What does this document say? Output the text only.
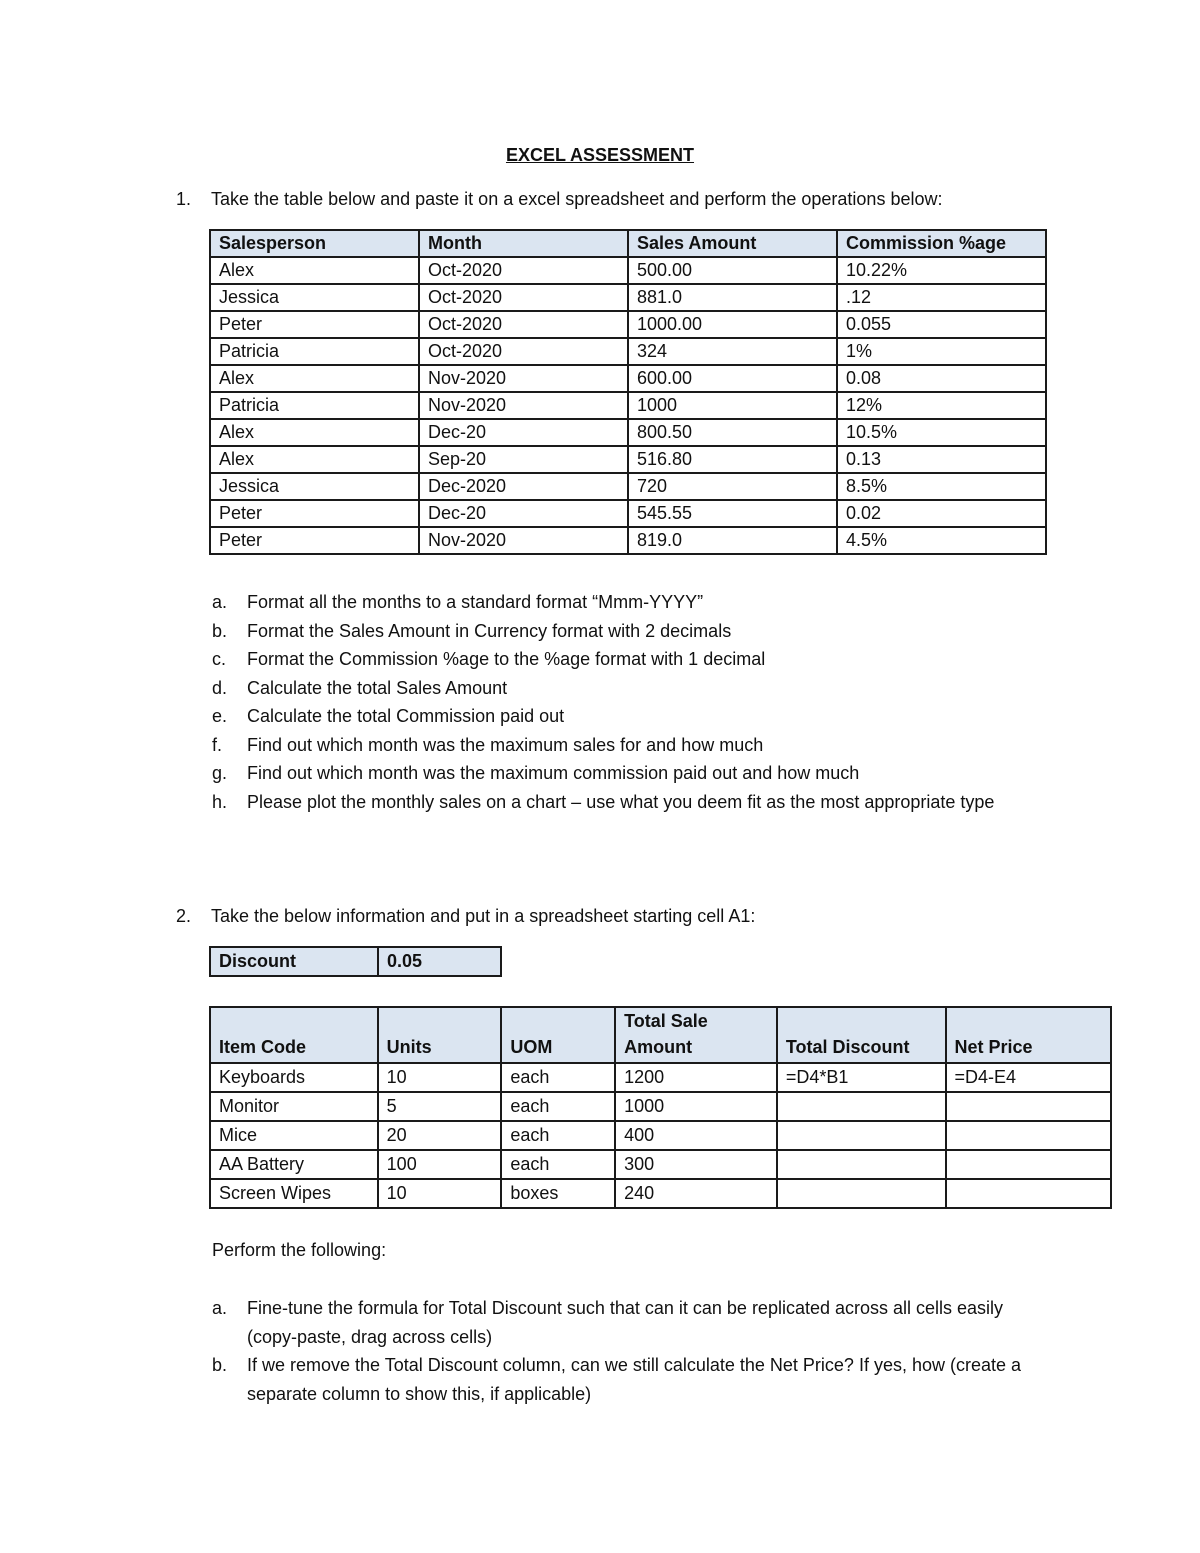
EXCEL ASSESSMENT
1. Take the table below and paste it on a excel spreadsheet and perform the operations below:
Salesperson	Month	Sales Amount	Commission %age
Alex	Oct-2020	500.00	10.22%
Jessica	Oct-2020	881.0	.12
Peter	Oct-2020	1000.00	0.055
Patricia	Oct-2020	324	1%
Alex	Nov-2020	600.00	0.08
Patricia	Nov-2020	1000	12%
Alex	Dec-20	800.50	10.5%
Alex	Sep-20	516.80	0.13
Jessica	Dec-2020	720	8.5%
Peter	Dec-20	545.55	0.02
Peter	Nov-2020	819.0	4.5%
a. Format all the months to a standard format “Mmm-YYYY”
b. Format the Sales Amount in Currency format with 2 decimals
c. Format the Commission %age to the %age format with 1 decimal
d. Calculate the total Sales Amount
e. Calculate the total Commission paid out
f. Find out which month was the maximum sales for and how much
g. Find out which month was the maximum commission paid out and how much
h. Please plot the monthly sales on a chart – use what you deem fit as the most appropriate type
2. Take the below information and put in a spreadsheet starting cell A1:
Discount	0.05
Item Code	Units	UOM	Total Sale Amount	Total Discount	Net Price
Keyboards	10	each	1200	=D4*B1	=D4-E4
Monitor	5	each	1000		
Mice	20	each	400		
AA Battery	100	each	300		
Screen Wipes	10	boxes	240		
Perform the following:
a. Fine-tune the formula for Total Discount such that can it can be replicated across all cells easily (copy-paste, drag across cells)
b. If we remove the Total Discount column, can we still calculate the Net Price? If yes, how (create a separate column to show this, if applicable)
